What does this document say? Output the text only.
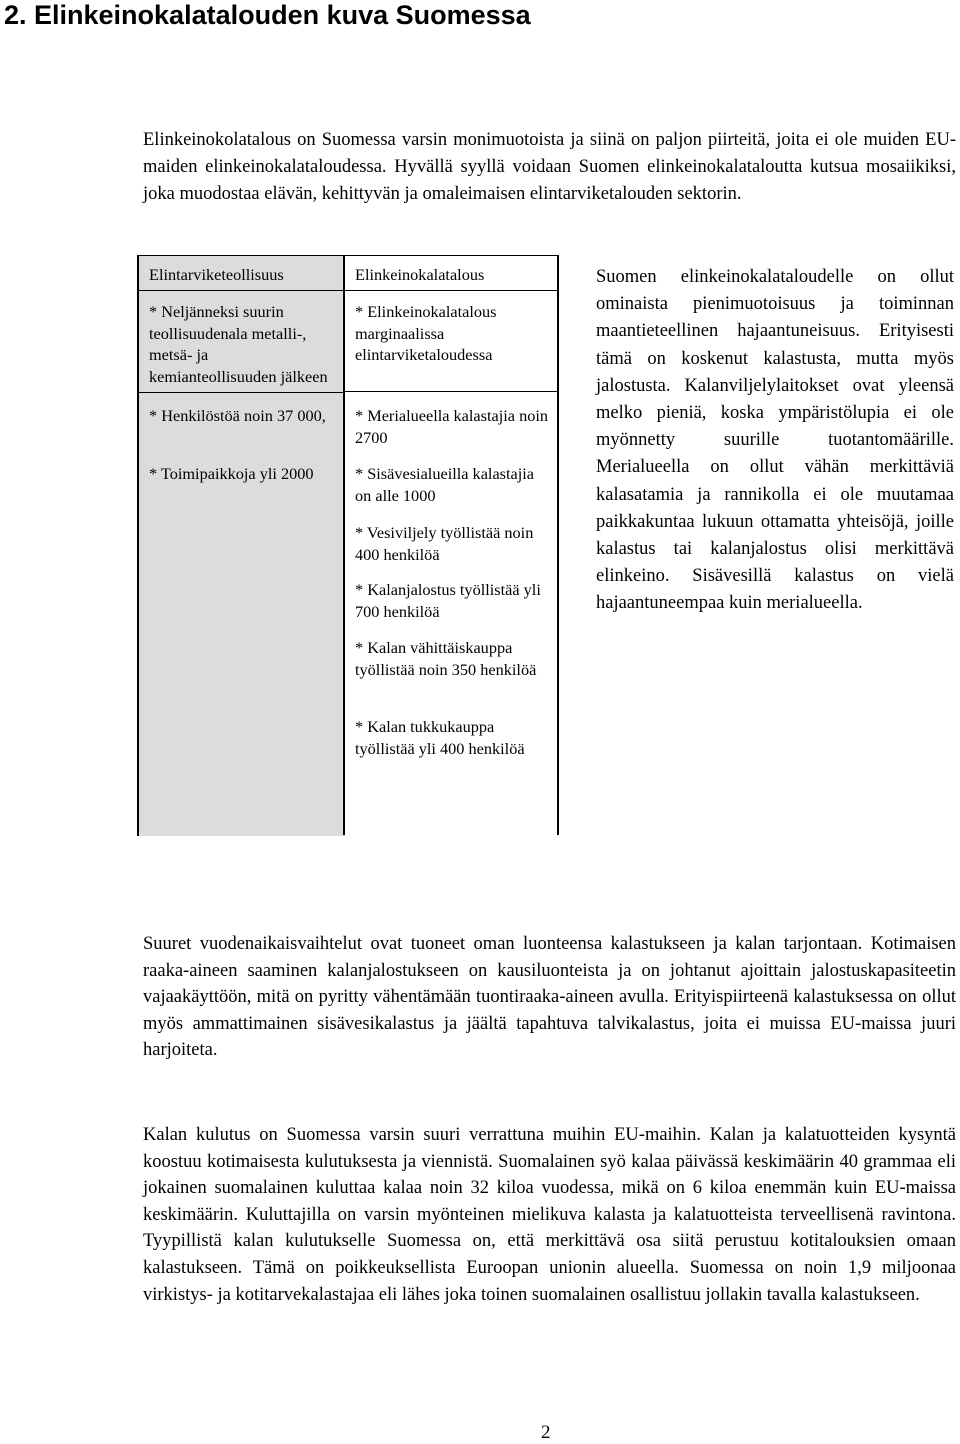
2. Elinkeinokalatalouden kuva Suomessa

Elinkeinokolatalous on Suomessa varsin monimuotoista ja siinä on paljon piirteitä, joita ei ole muiden EU-maiden elinkeinokalataloudessa. Hyvällä syyllä voidaan Suomen elinkeinokalataloutta kutsua mosaiikiksi, joka muodostaa elävän, kehittyvän ja omaleimaisen elintarviketalouden sektorin.

Elintarviketeollisuus	Elinkeinokalatalous
* Neljänneksi suurin teollisuudenala metalli-, metsä- ja kemianteollisuuden jälkeen
* Elinkeinokalatalous marginaalissa elintarviketaloudessa
* Henkilöstöä noin 37 000,
* Toimipaikkoja yli 2000
* Merialueella kalastajia noin 2700
* Sisävesialueilla kalastajia on alle 1000
* Vesiviljely työllistää noin 400 henkilöä
* Kalanjalostus työllistää yli 700 henkilöä
* Kalan vähittäiskauppa työllistää noin 350 henkilöä
* Kalan tukkukauppa työllistää yli 400 henkilöä

Suomen elinkeinokalataloudelle on ollut ominaista pienimuotoisuus ja toiminnan maantieteellinen hajaantuneisuus. Erityisesti tämä on koskenut kalastusta, mutta myös jalostusta. Kalanviljelylaitokset ovat yleensä melko pieniä, koska ympäristölupia ei ole myönnetty suurille tuotantomäärille. Merialueella on ollut vähän merkittäviä kalasatamia ja rannikolla ei ole muutamaa paikkakuntaa lukuun ottamatta yhteisöjä, joille kalastus tai kalanjalostus olisi merkittävä elinkeino. Sisävesillä kalastus on vielä hajaantuneempaa kuin merialueella.

Suuret vuodenaikaisvaihtelut ovat tuoneet oman luonteensa kalastukseen ja kalan tarjontaan. Kotimaisen raaka-aineen saaminen kalanjalostukseen on kausiluonteista ja on johtanut ajoittain jalostuskapasiteetin vajaakäyttöön, mitä on pyritty vähentämään tuontiraaka-aineen avulla. Erityispiirteenä kalastuksessa on ollut myös ammattimainen sisävesikalastus ja jäältä tapahtuva talvikalastus, joita ei muissa EU-maissa juuri harjoiteta.

Kalan kulutus on Suomessa varsin suuri verrattuna muihin EU-maihin. Kalan ja kalatuotteiden kysyntä koostuu kotimaisesta kulutuksesta ja viennistä. Suomalainen syö kalaa päivässä keskimäärin 40 grammaa eli jokainen suomalainen kuluttaa kalaa noin 32 kiloa vuodessa, mikä on 6 kiloa enemmän kuin EU-maissa keskimäärin. Kuluttajilla on varsin myönteinen mielikuva kalasta ja kalatuotteista terveellisenä ravintona. Tyypillistä kalan kulutukselle Suomessa on, että merkittävä osa siitä perustuu kotitalouksien omaan kalastukseen. Tämä on poikkeuksellista Euroopan unionin alueella. Suomessa on noin 1,9 miljoonaa virkistys- ja kotitarvekalastajaa eli lähes joka toinen suomalainen osallistuu jollakin tavalla kalastukseen.

2
